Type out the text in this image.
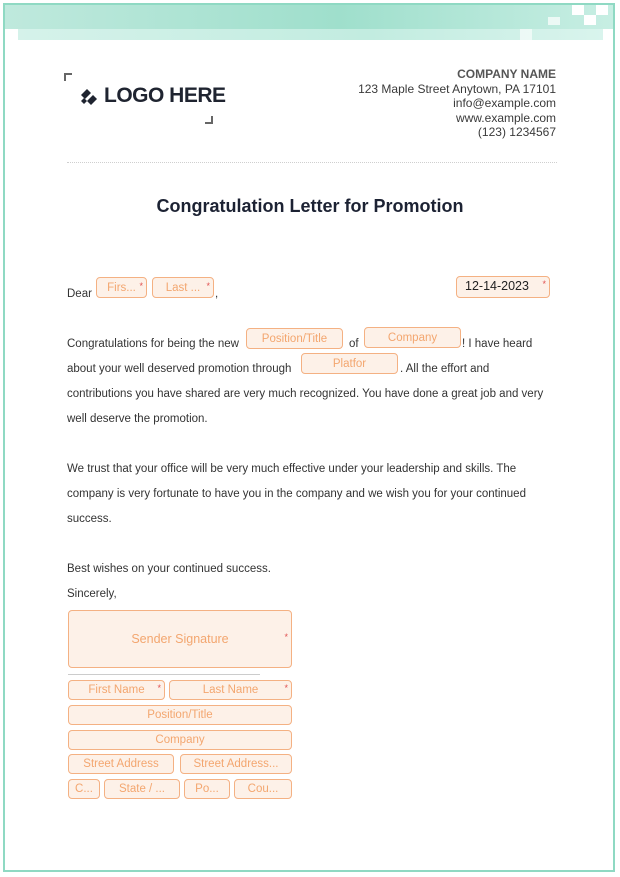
LOGO HERE
COMPANY NAME
123 Maple Street Anytown, PA 17101
info@example.com
www.example.com
(123) 1234567
Congratulation Letter for Promotion
Dear	Firs... *	Last ... *	,
12-14-2023 *
Congratulations for being the new	Position/Title	of	Company	! I have heard
about your well deserved promotion through	Platfor	. All the effort and
contributions you have shared are very much recognized. You have done a great job and very
well deserve the promotion.
We trust that your office will be very much effective under your leadership and skills. The
company is very fortunate to have you in the company and we wish you for your continued
success.
Best wishes on your continued success.
Sincerely,
Sender Signature *
First Name *	Last Name *
Position/Title
Company
Street Address	Street Address...
C...	State / ...	Po...	Cou...
